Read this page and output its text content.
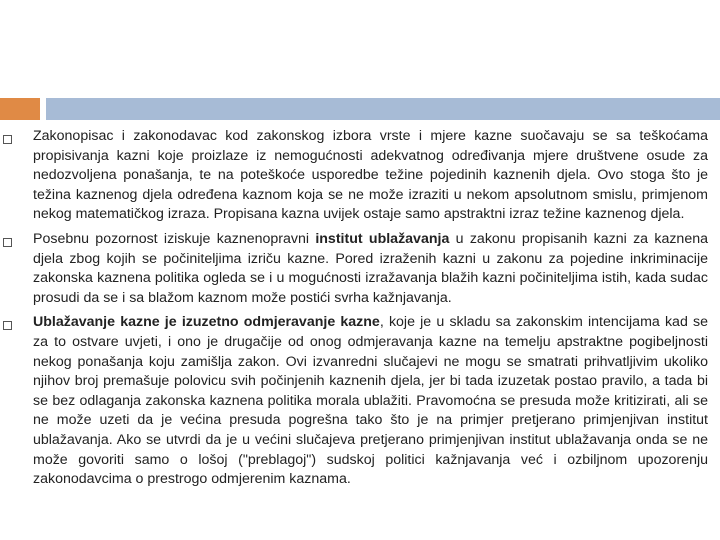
Zakonopisac i zakonodavac kod zakonskog izbora vrste i mjere kazne suočavaju se sa teškoćama propisivanja kazni koje proizlaze iz nemogućnosti adekvatnog određivanja mjere društvene osude za nedozvoljena ponašanja, te na poteškoće usporedbe težine pojedinih kaznenih djela. Ovo stoga što je težina kaznenog djela određena kaznom koja se ne može izraziti u nekom apsolutnom smislu, primjenom nekog matematičkog izraza. Propisana kazna uvijek ostaje samo apstraktni izraz težine kaznenog djela.

Posebnu pozornost iziskuje kaznenopravni institut ublažavanja u zakonu propisanih kazni za kaznena djela zbog kojih se počiniteljima izriču kazne. Pored izraženih kazni u zakonu za pojedine inkriminacije zakonska kaznena politika ogleda se i u mogućnosti izražavanja blažih kazni počiniteljima istih, kada sudac prosudi da se i sa blažom kaznom može postići svrha kažnjavanja.

Ublažavanje kazne je izuzetno odmjeravanje kazne, koje je u skladu sa zakonskim intencijama kad se za to ostvare uvjeti, i ono je drugačije od onog odmjeravanja kazne na temelju apstraktne pogibeljnosti nekog ponašanja koju zamišlja zakon. Ovi izvanredni slučajevi ne mogu se smatrati prihvatljivim ukoliko njihov broj premašuje polovicu svih počinjenih kaznenih djela, jer bi tada izuzetak postao pravilo, a tada bi se bez odlaganja zakonska kaznena politika morala ublažiti. Pravomoćna se presuda može kritizirati, ali se ne može uzeti da je većina presuda pogrešna tako što je na primjer pretjerano primjenjivan institut ublažavanja. Ako se utvrdi da je u većini slučajeva pretjerano primjenjivan institut ublažavanja onda se ne može govoriti samo o lošoj ("preblagoj") sudskoj politici kažnjavanja već i ozbiljnom upozorenju zakonodavcima o prestrogo odmjerenim kaznama.
